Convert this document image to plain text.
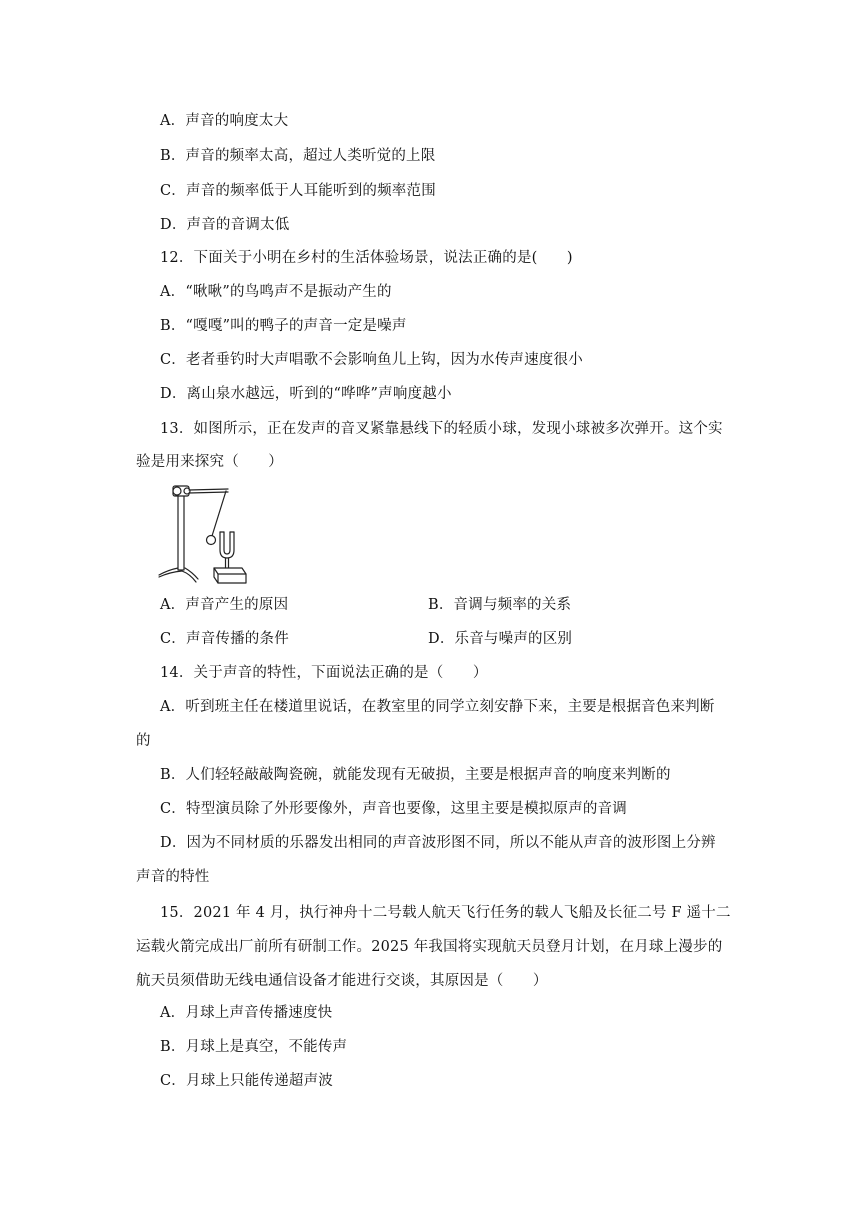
A．声音的响度太大
B．声音的频率太高，超过人类听觉的上限
C．声音的频率低于人耳能听到的频率范围
D．声音的音调太低
12．下面关于小明在乡村的生活体验场景，说法正确的是(　　)
A．“啾啾”的鸟鸣声不是振动产生的
B．“嘎嘎”叫的鸭子的声音一定是噪声
C．老者垂钓时大声唱歌不会影响鱼儿上钩，因为水传声速度很小
D．离山泉水越远，听到的“哗哗”声响度越小
13．如图所示，正在发声的音叉紧靠悬线下的轻质小球，发现小球被多次弹开。这个实
验是用来探究（　　）
A．声音产生的原因	B．音调与频率的关系
C．声音传播的条件	D．乐音与噪声的区别
14．关于声音的特性，下面说法正确的是（　　）
A．听到班主任在楼道里说话，在教室里的同学立刻安静下来，主要是根据音色来判断
的
B．人们轻轻敲敲陶瓷碗，就能发现有无破损，主要是根据声音的响度来判断的
C．特型演员除了外形要像外，声音也要像，这里主要是模拟原声的音调
D．因为不同材质的乐器发出相同的声音波形图不同，所以不能从声音的波形图上分辨
声音的特性
15．2021 年 4 月，执行神舟十二号载人航天飞行任务的载人飞船及长征二号 F 遥十二
运载火箭完成出厂前所有研制工作。2025 年我国将实现航天员登月计划，在月球上漫步的
航天员须借助无线电通信设备才能进行交谈，其原因是（　　）
A．月球上声音传播速度快
B．月球上是真空，不能传声
C．月球上只能传递超声波
